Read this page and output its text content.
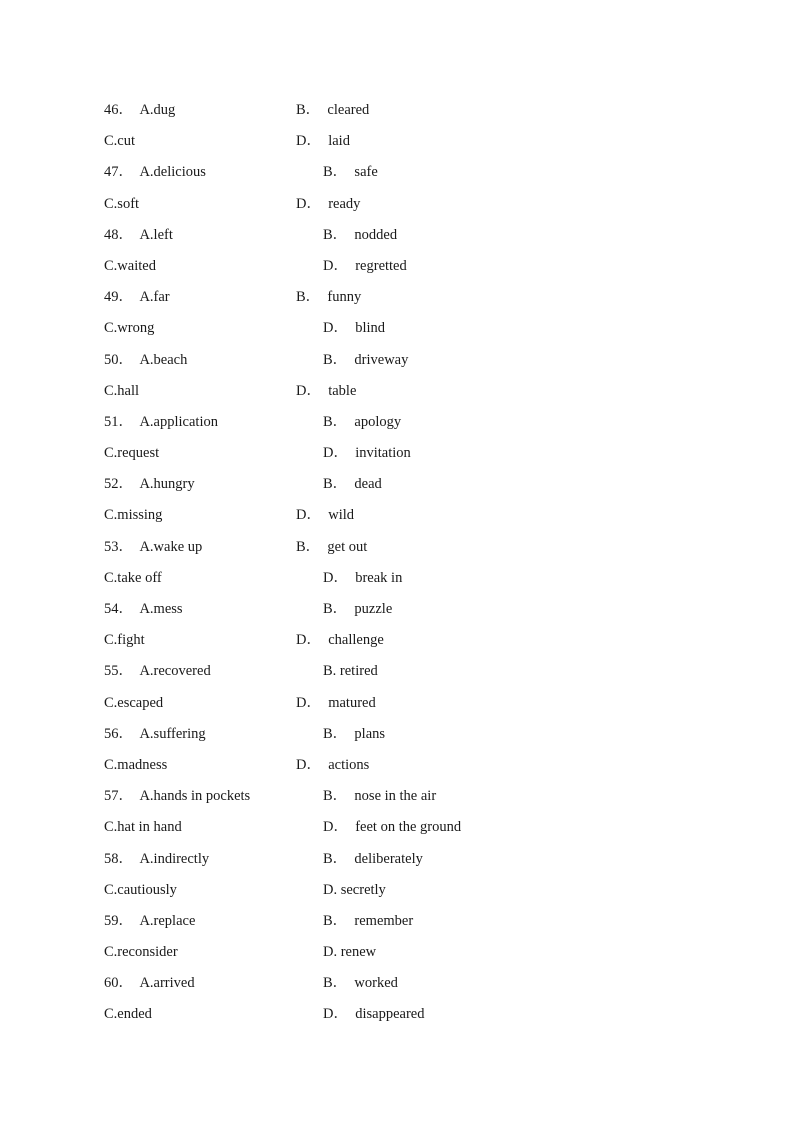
46．  A.dug	B．  cleared
C.cut	D．  laid
47．  A.delicious	B．  safe
C.soft	D．  ready
48．  A.left	B．  nodded
C.waited	D．  regretted
49．  A.far	B．  funny
C.wrong	D．  blind
50．  A.beach	B．  driveway
C.hall	D．  table
51．  A.application	B．  apology
C.request	D．  invitation
52．  A.hungry	B．  dead
C.missing	D．  wild
53．  A.wake up	B．  get out
C.take off	D．  break in
54．  A.mess	B．  puzzle
C.fight	D．  challenge
55．  A.recovered	B. retired
C.escaped	D．  matured
56．  A.suffering	B．  plans
C.madness	D．  actions
57．  A.hands in pockets	B．  nose in the air
C.hat in hand	D．  feet on the ground
58．  A.indirectly	B．  deliberately
C.cautiously	D. secretly
59．  A.replace	B．  remember
C.reconsider	D. renew
60．  A.arrived	B．  worked
C.ended	D．  disappeared
